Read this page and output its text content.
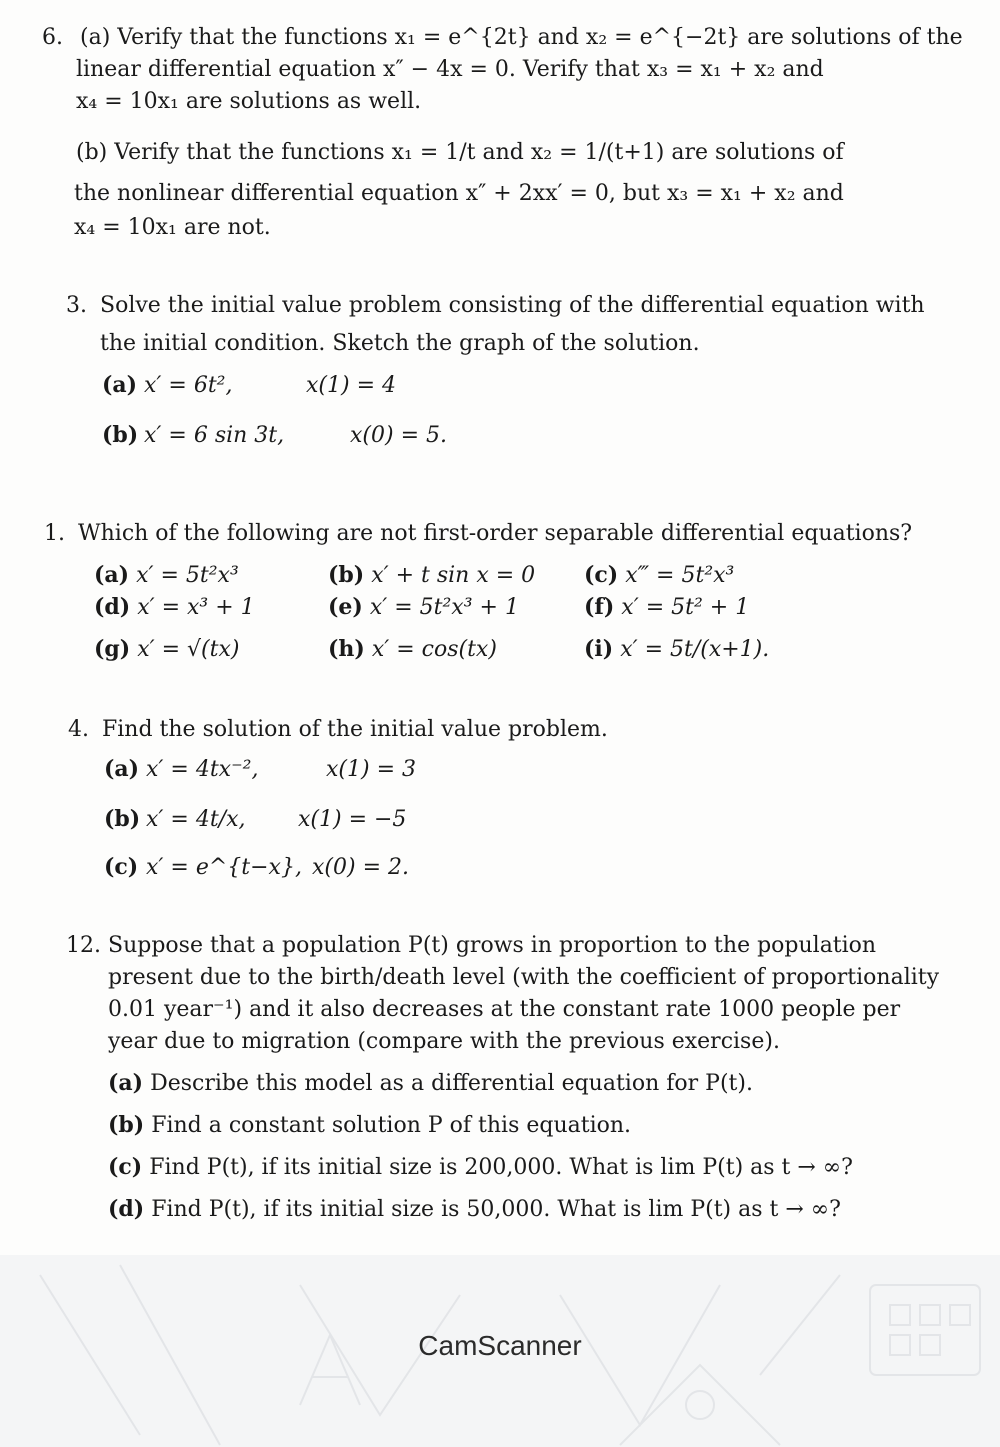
6. (a) Verify that the functions x₁ = e^{2t} and x₂ = e^{−2t} are solutions of the
linear differential equation x″ − 4x = 0. Verify that x₃ = x₁ + x₂ and
x₄ = 10x₁ are solutions as well.
(b) Verify that the functions x₁ = 1/t and x₂ = 1/(t+1) are solutions of
the nonlinear differential equation x″ + 2xx′ = 0, but x₃ = x₁ + x₂ and
x₄ = 10x₁ are not.
3. Solve the initial value problem consisting of the differential equation with
the initial condition. Sketch the graph of the solution.
(a) x′ = 6t²,	x(1) = 4
(b) x′ = 6 sin 3t,	x(0) = 5.
1. Which of the following are not first-order separable differential equations?
(a) x′ = 5t²x³	(b) x′ + t sin x = 0 (c) x‴ = 5t²x³
(d) x′ = x³ + 1	(e) x′ = 5t²x³ + 1	(f) x′ = 5t² + 1
(g) x′ = √(tx)	(h) x′ = cos(tx)	(i) x′ = 5t/(x+1).
4. Find the solution of the initial value problem.
(a) x′ = 4tx⁻²,	x(1) = 3
(b) x′ = 4t/x, x(1) = −5
(c) x′ = e^{t−x}, x(0) = 2.
12. Suppose that a population P(t) grows in proportion to the population
present due to the birth/death level (with the coefficient of proportionality
0.01 year⁻¹) and it also decreases at the constant rate 1000 people per
year due to migration (compare with the previous exercise).
(a) Describe this model as a differential equation for P(t).
(b) Find a constant solution P of this equation.
(c) Find P(t), if its initial size is 200,000. What is lim P(t) as t → ∞?
(d) Find P(t), if its initial size is 50,000. What is lim P(t) as t → ∞?
CamScanner
